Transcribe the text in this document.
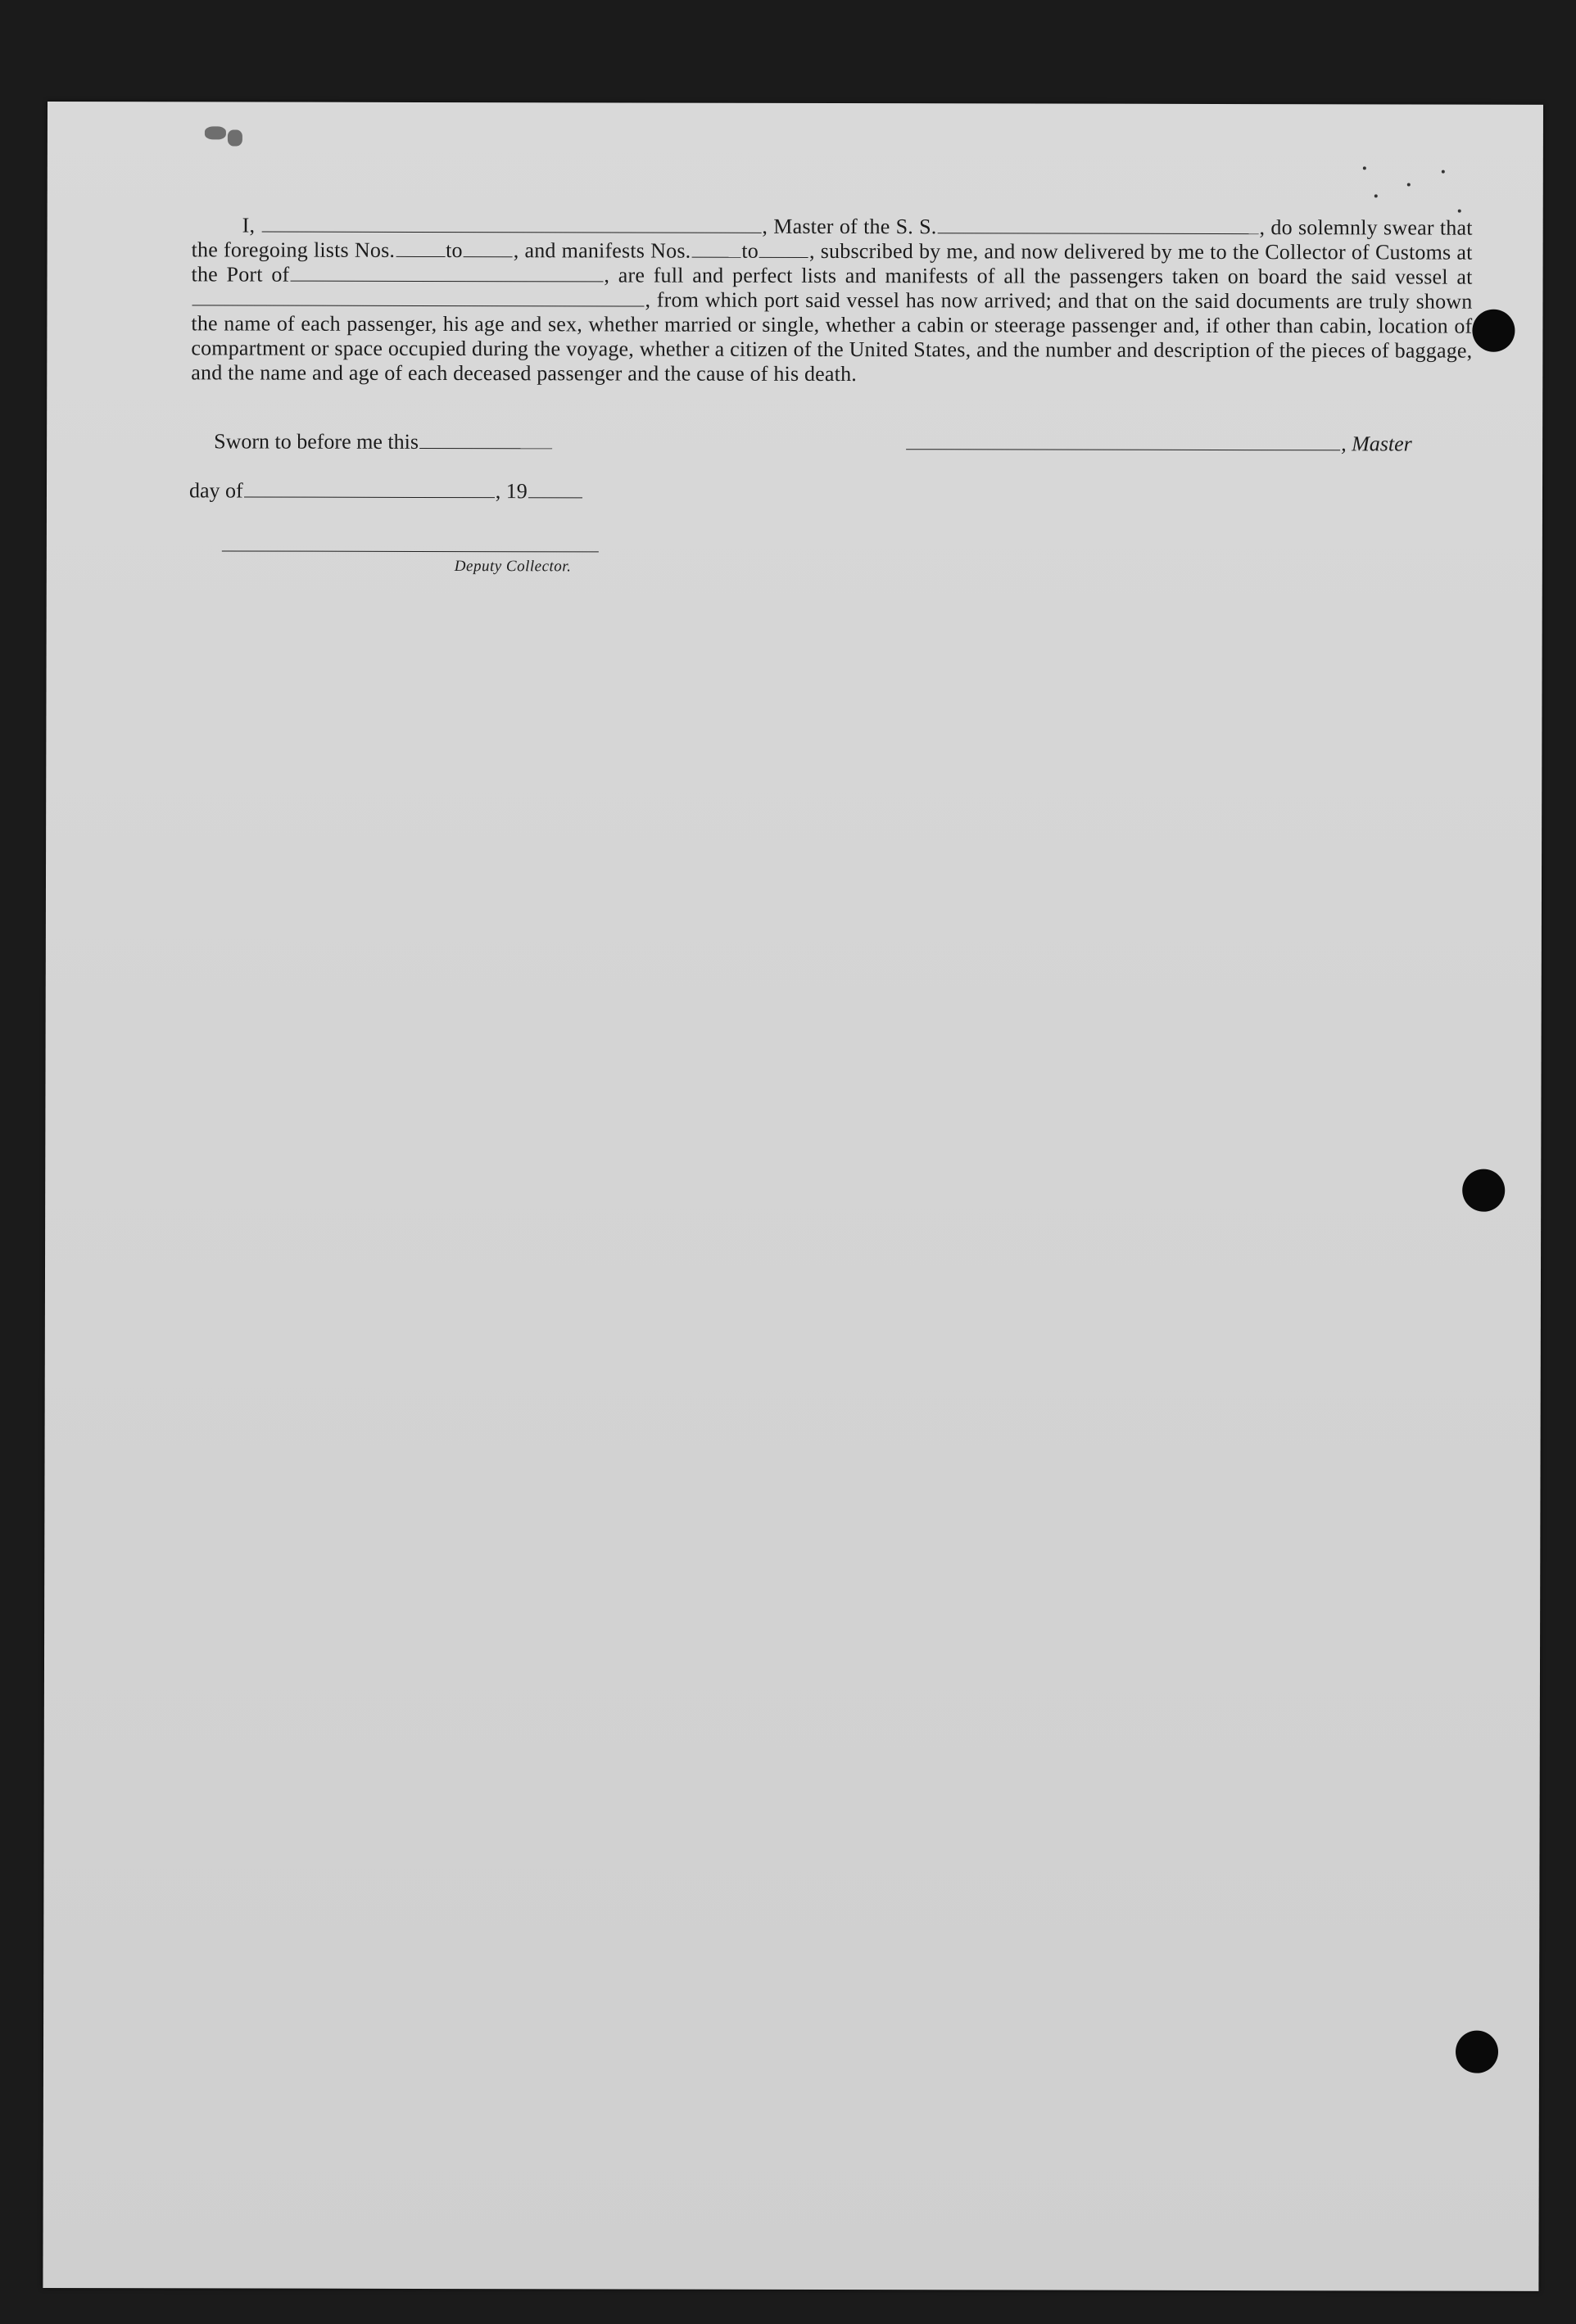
I,	, Master of the S. S.	, do solemnly swear that the foregoing lists Nos. to , and manifests Nos. to , subscribed by me, and now delivered by me to the Collector of Customs at the Port of	, are full and perfect lists and manifests of all the passengers taken on board the said vessel at, from which port said vessel has now arrived; and that on the said documents are truly shown the name of each passenger, his age and sex, whether married or single, whether a cabin or steerage passenger and, if other than cabin, location of compartment or space occupied during the voyage, whether a citizen of the United States, and the number and description of the pieces of baggage, and the name and age of each deceased passenger and the cause of his death.
Sworn to before me this	, Master
day of	, 19
Deputy Collector.
